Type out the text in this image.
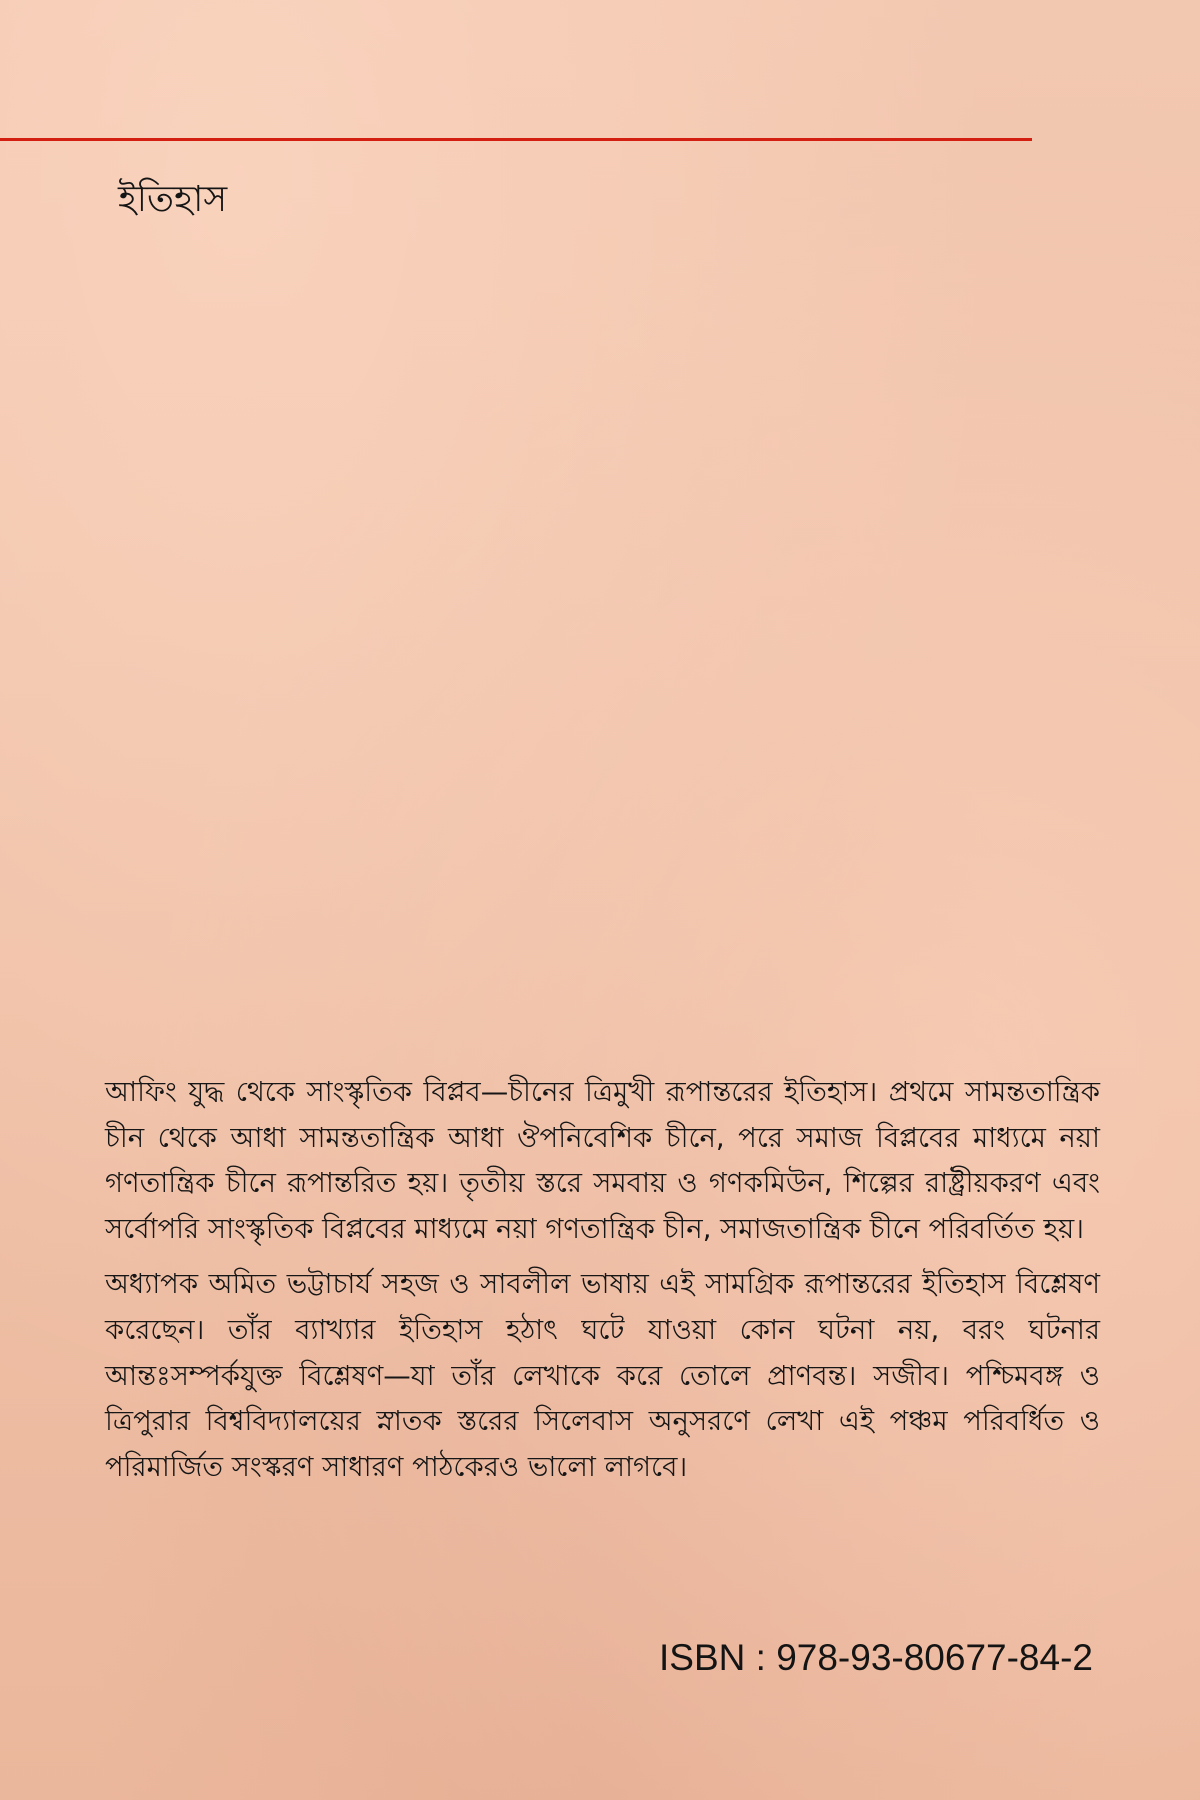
ইতিহাস

আফিং যুদ্ধ থেকে সাংস্কৃতিক বিপ্লব—চীনের ত্রিমুখী রূপান্তরের ইতিহাস। প্রথমে সামন্ততান্ত্রিক চীন থেকে আধা সামন্ততান্ত্রিক আধা ঔপনিবেশিক চীনে, পরে সমাজ বিপ্লবের মাধ্যমে নয়া গণতান্ত্রিক চীনে রূপান্তরিত হয়। তৃতীয় স্তরে সমবায় ও গণকমিউন, শিল্পের রাষ্ট্রীয়করণ এবং সর্বোপরি সাংস্কৃতিক বিপ্লবের মাধ্যমে নয়া গণতান্ত্রিক চীন, সমাজতান্ত্রিক চীনে পরিবর্তিত হয়।

অধ্যাপক অমিত ভট্টাচার্য সহজ ও সাবলীল ভাষায় এই সামগ্রিক রূপান্তরের ইতিহাস বিশ্লেষণ করেছেন। তাঁর ব্যাখ্যার ইতিহাস হঠাৎ ঘটে যাওয়া কোন ঘটনা নয়, বরং ঘটনার আন্তঃসম্পর্কযুক্ত বিশ্লেষণ—যা তাঁর লেখাকে করে তোলে প্রাণবন্ত। সজীব। পশ্চিমবঙ্গ ও ত্রিপুরার বিশ্ববিদ্যালয়ের স্নাতক স্তরের সিলেবাস অনুসরণে লেখা এই পঞ্চম পরিবর্ধিত ও পরিমার্জিত সংস্করণ সাধারণ পাঠকেরও ভালো লাগবে।

ISBN : 978-93-80677-84-2
